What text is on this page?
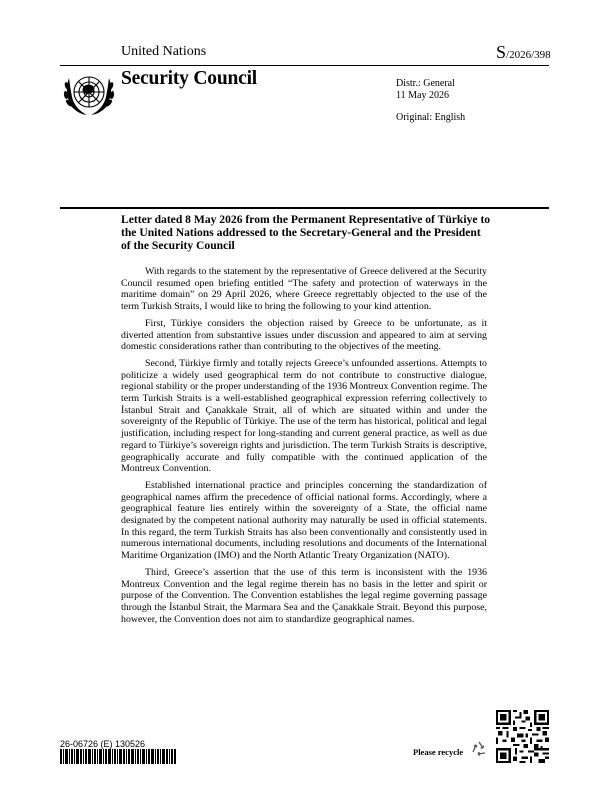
United Nations	S/2026/398
Security Council	Distr.: General
11 May 2026
Original: English
Letter dated 8 May 2026 from the Permanent Representative of Türkiye to the United Nations addressed to the Secretary-General and the President of the Security Council

With regards to the statement by the representative of Greece delivered at the Security Council resumed open briefing entitled “The safety and protection of waterways in the maritime domain” on 29 April 2026, where Greece regrettably objected to the use of the term Turkish Straits, I would like to bring the following to your kind attention.

First, Türkiye considers the objection raised by Greece to be unfortunate, as it diverted attention from substantive issues under discussion and appeared to aim at serving domestic considerations rather than contributing to the objectives of the meeting.

Second, Türkiye firmly and totally rejects Greece’s unfounded assertions. Attempts to politicize a widely used geographical term do not contribute to constructive dialogue, regional stability or the proper understanding of the 1936 Montreux Convention regime. The term Turkish Straits is a well-established geographical expression referring collectively to İstanbul Strait and Çanakkale Strait, all of which are situated within and under the sovereignty of the Republic of Türkiye. The use of the term has historical, political and legal justification, including respect for long-standing and current general practice, as well as due regard to Türkiye’s sovereign rights and jurisdiction. The term Turkish Straits is descriptive, geographically accurate and fully compatible with the continued application of the Montreux Convention.

Established international practice and principles concerning the standardization of geographical names affirm the precedence of official national forms. Accordingly, where a geographical feature lies entirely within the sovereignty of a State, the official name designated by the competent national authority may naturally be used in official statements. In this regard, the term Turkish Straits has also been conventionally and consistently used in numerous international documents, including resolutions and documents of the International Maritime Organization (IMO) and the North Atlantic Treaty Organization (NATO).

Third, Greece’s assertion that the use of this term is inconsistent with the 1936 Montreux Convention and the legal regime therein has no basis in the letter and spirit or purpose of the Convention. The Convention establishes the legal regime governing passage through the İstanbul Strait, the Marmara Sea and the Çanakkale Strait. Beyond this purpose, however, the Convention does not aim to standardize geographical names.

26-06726 (E) 130526
Please recycle
